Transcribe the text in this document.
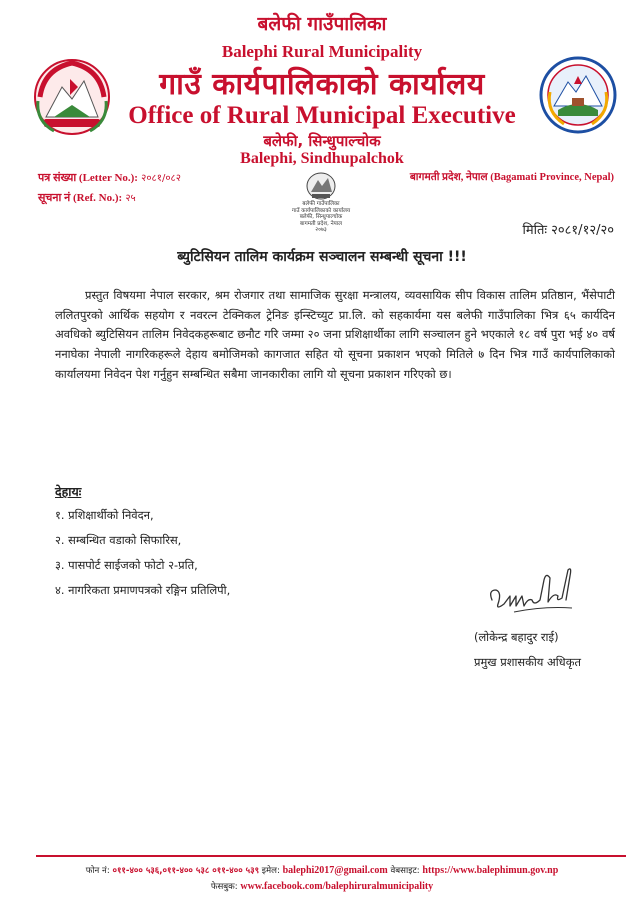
बलेफी गाउँपालिका
Balephi Rural Municipality
गाउँ कार्यपालिकाको कार्यालय
Office of Rural Municipal Executive
बलेफी, सिन्धुपाल्चोक
Balephi, Sindhupalchok
पत्र संख्या (Letter No.): २०८१/०८२
सूचना नं (Ref. No.): २५
बागमती प्रदेश, नेपाल (Bagamati Province, Nepal)
बलेफी गाउँपालिका
गाउँ कार्यपालिकाको कार्यालय
बलेफी, सिन्धुपाल्चोक
बागमती प्रदेश, नेपाल
२०७३	मितिः २०८१/१२/२०
ब्युटिसियन तालिम कार्यक्रम सञ्चालन सम्बन्धी सूचना !!!

प्रस्तुत विषयमा नेपाल सरकार, श्रम रोजगार तथा सामाजिक सुरक्षा मन्त्रालय, व्यवसायिक सीप विकास तालिम प्रतिष्ठान, भैंसेपाटी ललितपुरको आर्थिक सहयोग र नवरत्न टेक्निकल ट्रेनिङ इन्स्टिच्युट प्रा.लि. को सहकार्यमा यस बलेफी गाउँपालिका भित्र ६५ कार्यदिन अवधिको ब्युटिसियन तालिम निवेदकहरूबाट छनौट गरि जम्मा २० जना प्रशिक्षार्थीका लागि सञ्चालन हुने भएकाले १८ वर्ष पुरा भई ४० वर्ष ननाघेका नेपाली नागरिकहरूले देहाय बमोजिमको कागजात सहित यो सूचना प्रकाशन भएको मितिले ७ दिन भित्र गाउँ कार्यपालिकाको कार्यालयमा निवेदन पेश गर्नुहुन सम्बन्धित सबैमा जानकारीका लागि यो सूचना प्रकाशन गरिएको छ।

देहायः
१. प्रशिक्षार्थीको निवेदन,
२. सम्बन्धित वडाको सिफारिस,
३. पासपोर्ट साईजको फोटो २-प्रति,
४. नागरिकता प्रमाणपत्रको रङ्गिन प्रतिलिपी,
(लोकेन्द्र बहादुर राई)
प्रमुख प्रशासकीय अधिकृत
फोन नं: ०११-४०० ५३६,०११-४०० ५३८ ०११-४०० ५३९ इमेल: balephi2017@gmail.com वेबसाइट: https://www.balephimun.gov.np
फेसबुक: www.facebook.com/balephiruralmunicipality
